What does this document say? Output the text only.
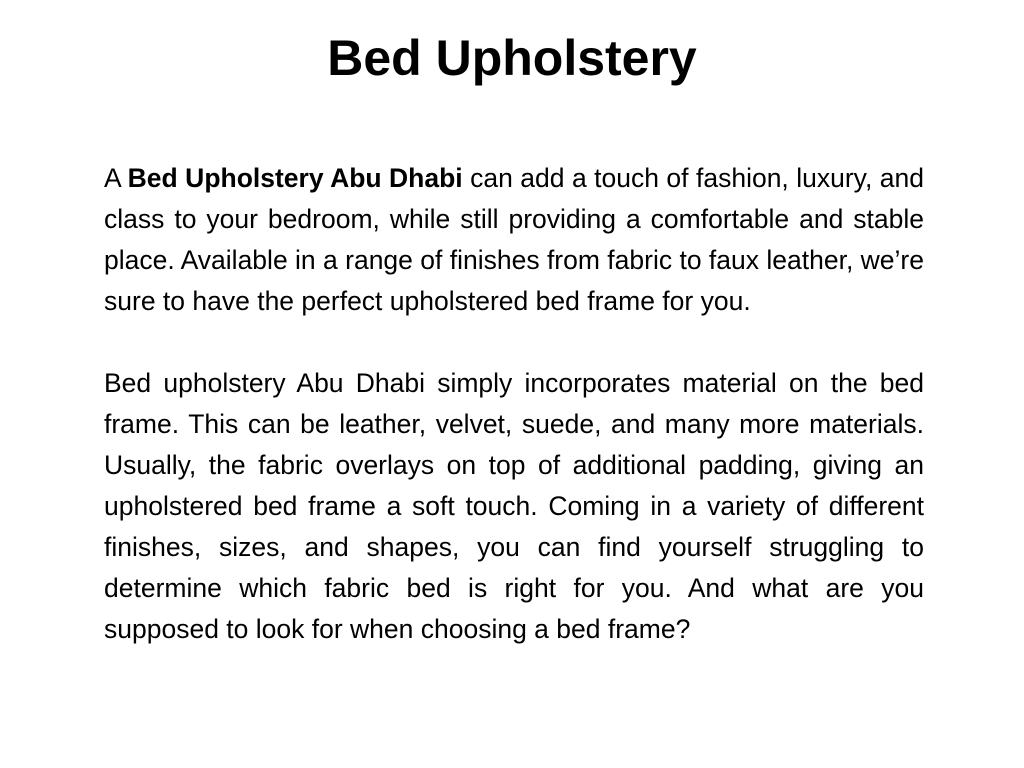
Bed Upholstery

A Bed Upholstery Abu Dhabi can add a touch of fashion, luxury, and class to your bedroom, while still providing a comfortable and stable place. Available in a range of finishes from fabric to faux leather, we’re sure to have the perfect upholstered bed frame for you.

Bed upholstery Abu Dhabi simply incorporates material on the bed frame. This can be leather, velvet, suede, and many more materials. Usually, the fabric overlays on top of additional padding, giving an upholstered bed frame a soft touch. Coming in a variety of different finishes, sizes, and shapes, you can find yourself struggling to determine which fabric bed is right for you. And what are you supposed to look for when choosing a bed frame?
